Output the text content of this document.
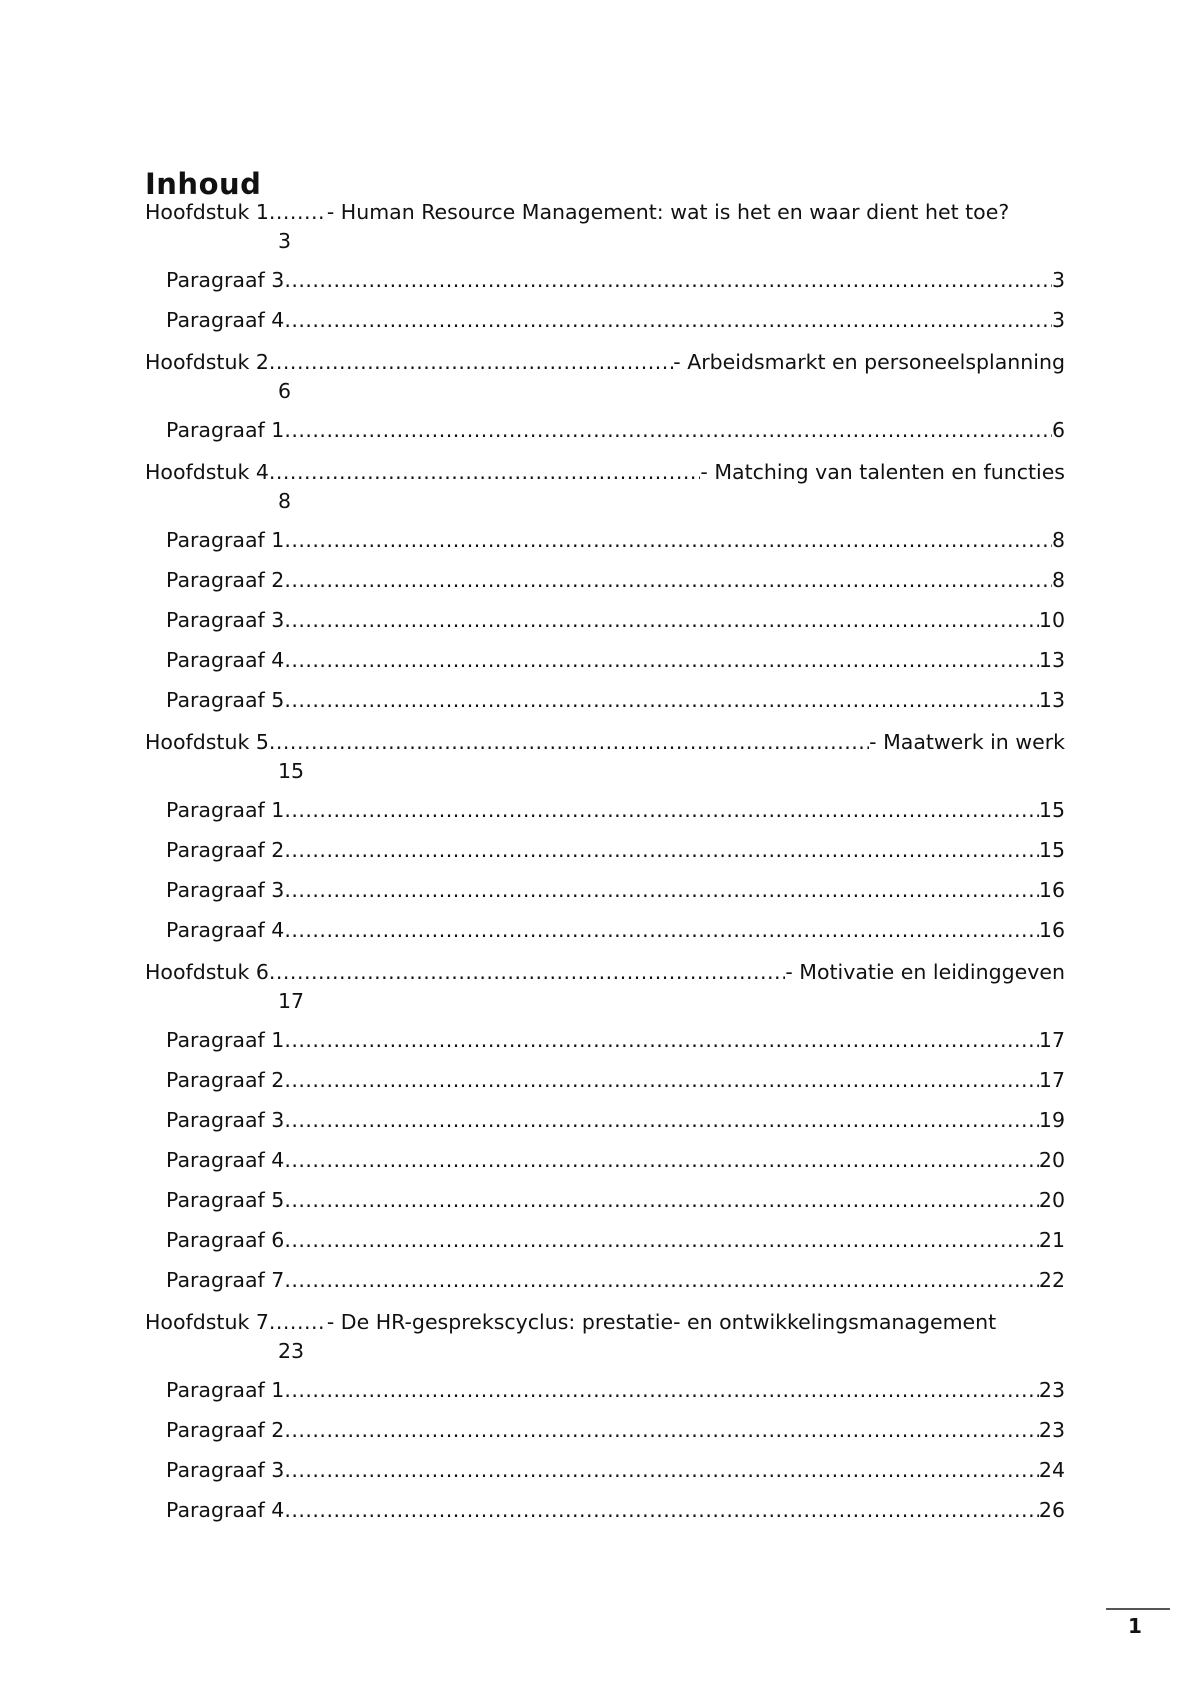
Inhoud
Hoofdstuk 1 .....	- Human Resource Management: wat is het en waar dient het toe?
3
Paragraaf 3 .....	3
Paragraaf 4 .....	3
Hoofdstuk 2 .....	- Arbeidsmarkt en personeelsplanning
6
Paragraaf 1 .....	6
Hoofdstuk 4 .....	- Matching van talenten en functies
8
Paragraaf 1 .....	8
Paragraaf 2 .....	8
Paragraaf 3 .....	10
Paragraaf 4 .....	13
Paragraaf 5 .....	13
Hoofdstuk 5 .....	- Maatwerk in werk
15
Paragraaf 1 .....	15
Paragraaf 2 .....	15
Paragraaf 3 .....	16
Paragraaf 4 .....	16
Hoofdstuk 6 .....	- Motivatie en leidinggeven
17
Paragraaf 1 .....	17
Paragraaf 2 .....	17
Paragraaf 3 .....	19
Paragraaf 4 .....	20
Paragraaf 5 .....	20
Paragraaf 6 .....	21
Paragraaf 7 .....	22
Hoofdstuk 7 .....	- De HR-gesprekscyclus: prestatie- en ontwikkelingsmanagement
23
Paragraaf 1 .....	23
Paragraaf 2 .....	23
Paragraaf 3 .....	24
Paragraaf 4 .....	26
1
